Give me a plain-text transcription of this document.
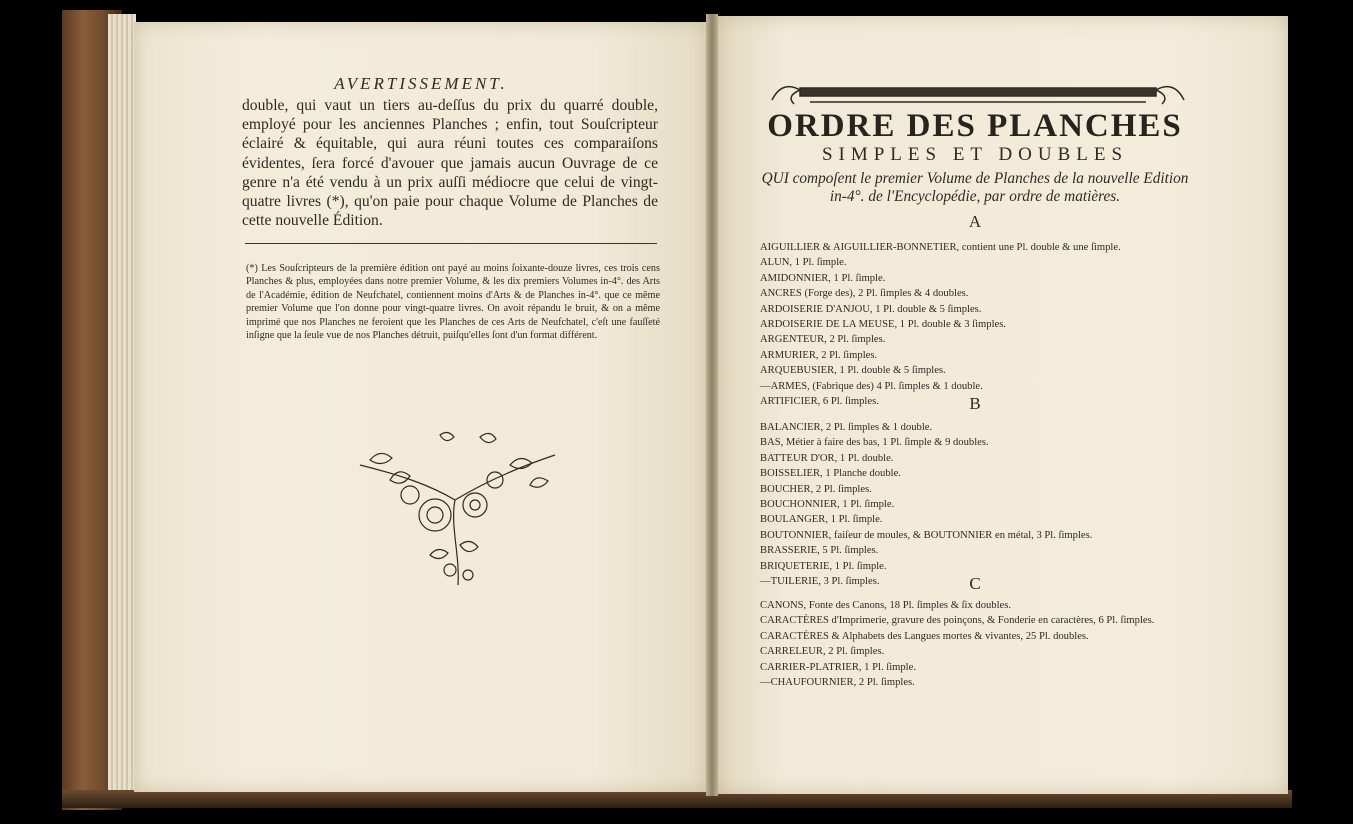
AVERTISSEMENT.
double, qui vaut un tiers au-deſſus du prix du quarré double, employé pour les anciennes Planches ; enfin, tout Souſcripteur éclairé & équitable, qui aura réuni toutes ces comparaiſons évidentes, ſera forcé d'avouer que jamais aucun Ouvrage de ce genre n'a été vendu à un prix auſſi médiocre que celui de vingt-quatre livres (*), qu'on paie pour chaque Volume de Planches de cette nouvelle Édition.
(*) Les Souſcripteurs de la première édition ont payé au moins ſoixante-douze livres, ces trois cens Planches & plus, employées dans notre premier Volume, & les dix premiers Volumes in-4°. des Arts de l'Académie, édition de Neufchatel, contiennent moins d'Arts & de Planches in-4°. que ce même premier Volume que l'on donne pour vingt-quatre livres. On avoit répandu le bruit, & on a même imprimé que nos Planches ne feroient que les Planches de ces Arts de Neufchatel, c'eſt une fauſſeté inſigne que la ſeule vue de nos Planches détruit, puiſqu'elles ſont d'un format différent.
ORDRE DES PLANCHES
SIMPLES ET DOUBLES
QUI compoſent le premier Volume de Planches de la nouvelle Edition in-4°. de l'Encyclopédie, par ordre de matières.
A
AIGUILLIER & AIGUILLIER-BONNETIER, contient une Pl. double & une ſimple.
ALUN, 1 Pl. ſimple.
AMIDONNIER, 1 Pl. ſimple.
ANCRES (Forge des), 2 Pl. ſimples & 4 doubles.
ARDOISERIE D'ANJOU, 1 Pl. double & 5 ſimples.
ARDOISERIE DE LA MEUSE, 1 Pl. double & 3 ſimples.
ARGENTEUR, 2 Pl. ſimples.
ARMURIER, 2 Pl. ſimples.
ARQUEBUSIER, 1 Pl. double & 5 ſimples.
—ARMES, (Fabrique des) 4 Pl. ſimples & 1 double.
ARTIFICIER, 6 Pl. ſimples.	B
BALANCIER, 2 Pl. ſimples & 1 double.
BAS, Métier à faire des bas, 1 Pl. ſimple & 9 doubles.
BATTEUR D'OR, 1 Pl. double.
BOISSELIER, 1 Planche double.
BOUCHER, 2 Pl. ſimples.
BOUCHONNIER, 1 Pl. ſimple.
BOULANGER, 1 Pl. ſimple.
BOUTONNIER, faiſeur de moules, & BOUTONNIER en métal, 3 Pl. ſimples.
BRASSERIE, 5 Pl. ſimples.
BRIQUETERIE, 1 Pl. ſimple.
—TUILERIE, 3 Pl. ſimples.	C
CANONS, Fonte des Canons, 18 Pl. ſimples & ſix doubles.
CARACTÈRES d'Imprimerie, gravure des poinçons, & Fonderie en caractères, 6 Pl. ſimples.
CARACTÈRES & Alphabets des Langues mortes & vivantes, 25 Pl. doubles.
CARRELEUR, 2 Pl. ſimples.
CARRIER-PLATRIER, 1 Pl. ſimple.
—CHAUFOURNIER, 2 Pl. ſimples.
